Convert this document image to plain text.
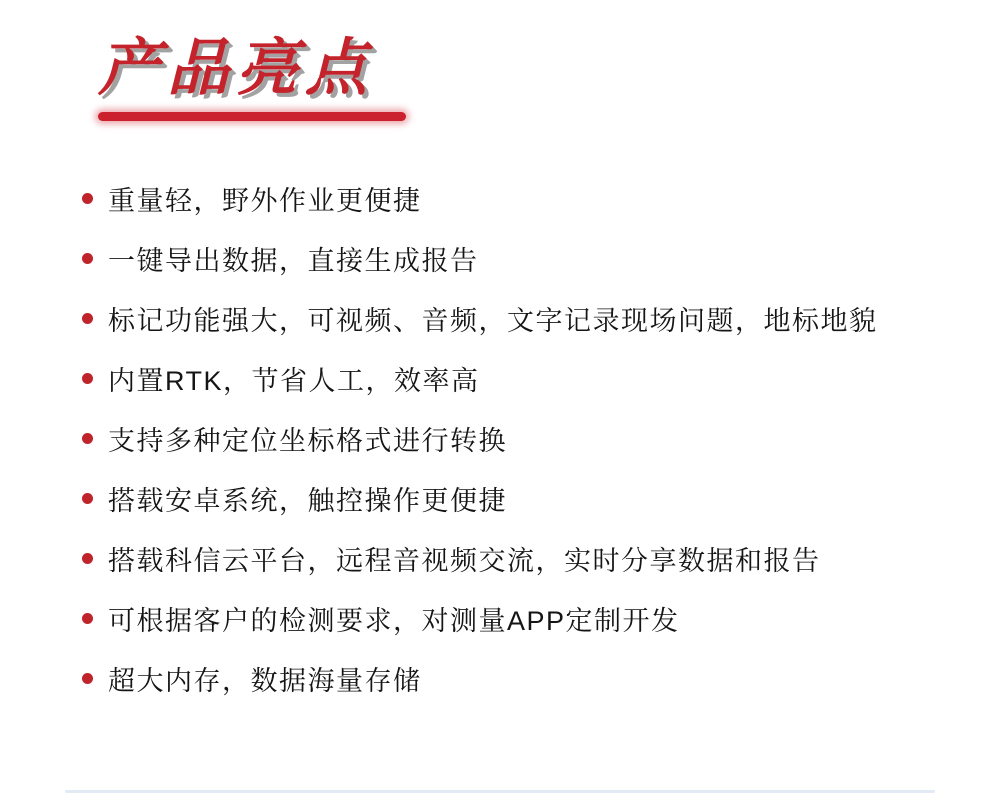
产品亮点
重量轻，野外作业更便捷
一键导出数据，直接生成报告
标记功能强大，可视频、音频，文字记录现场问题，地标地貌
内置RTK，节省人工，效率高
支持多种定位坐标格式进行转换
搭载安卓系统，触控操作更便捷
搭载科信云平台，远程音视频交流，实时分享数据和报告
可根据客户的检测要求，对测量APP定制开发
超大内存，数据海量存储
